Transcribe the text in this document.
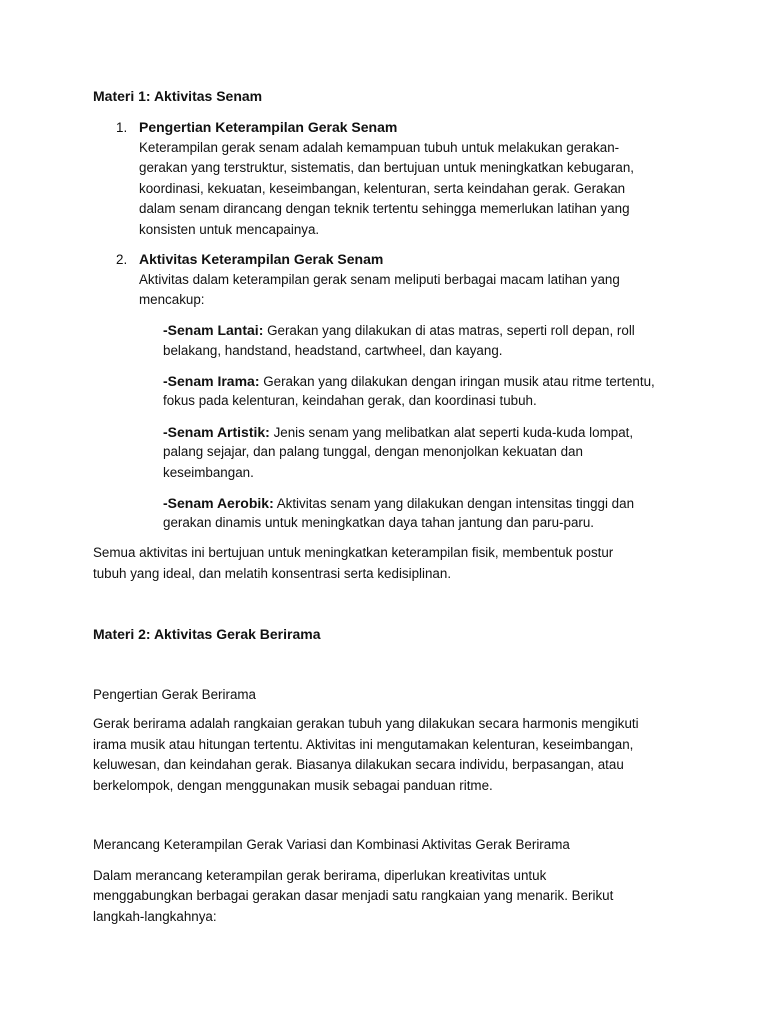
Materi 1: Aktivitas Senam

1. Pengertian Keterampilan Gerak Senam

Keterampilan gerak senam adalah kemampuan tubuh untuk melakukan gerakan-

gerakan yang terstruktur, sistematis, dan bertujuan untuk meningkatkan kebugaran,

koordinasi, kekuatan, keseimbangan, kelenturan, serta keindahan gerak. Gerakan

dalam senam dirancang dengan teknik tertentu sehingga memerlukan latihan yang

konsisten untuk mencapainya.

2. Aktivitas Keterampilan Gerak Senam

Aktivitas dalam keterampilan gerak senam meliputi berbagai macam latihan yang

mencakup:

-Senam Lantai: Gerakan yang dilakukan di atas matras, seperti roll depan, roll

belakang, handstand, headstand, cartwheel, dan kayang.

-Senam Irama: Gerakan yang dilakukan dengan iringan musik atau ritme tertentu,

fokus pada kelenturan, keindahan gerak, dan koordinasi tubuh.

-Senam Artistik: Jenis senam yang melibatkan alat seperti kuda-kuda lompat,

palang sejajar, dan palang tunggal, dengan menonjolkan kekuatan dan

keseimbangan.

-Senam Aerobik: Aktivitas senam yang dilakukan dengan intensitas tinggi dan

gerakan dinamis untuk meningkatkan daya tahan jantung dan paru-paru.

Semua aktivitas ini bertujuan untuk meningkatkan keterampilan fisik, membentuk postur

tubuh yang ideal, dan melatih konsentrasi serta kedisiplinan.

Materi 2: Aktivitas Gerak Berirama

Pengertian Gerak Berirama

Gerak berirama adalah rangkaian gerakan tubuh yang dilakukan secara harmonis mengikuti

irama musik atau hitungan tertentu. Aktivitas ini mengutamakan kelenturan, keseimbangan,

keluwesan, dan keindahan gerak. Biasanya dilakukan secara individu, berpasangan, atau

berkelompok, dengan menggunakan musik sebagai panduan ritme.

Merancang Keterampilan Gerak Variasi dan Kombinasi Aktivitas Gerak Berirama

Dalam merancang keterampilan gerak berirama, diperlukan kreativitas untuk

menggabungkan berbagai gerakan dasar menjadi satu rangkaian yang menarik. Berikut

langkah-langkahnya:
